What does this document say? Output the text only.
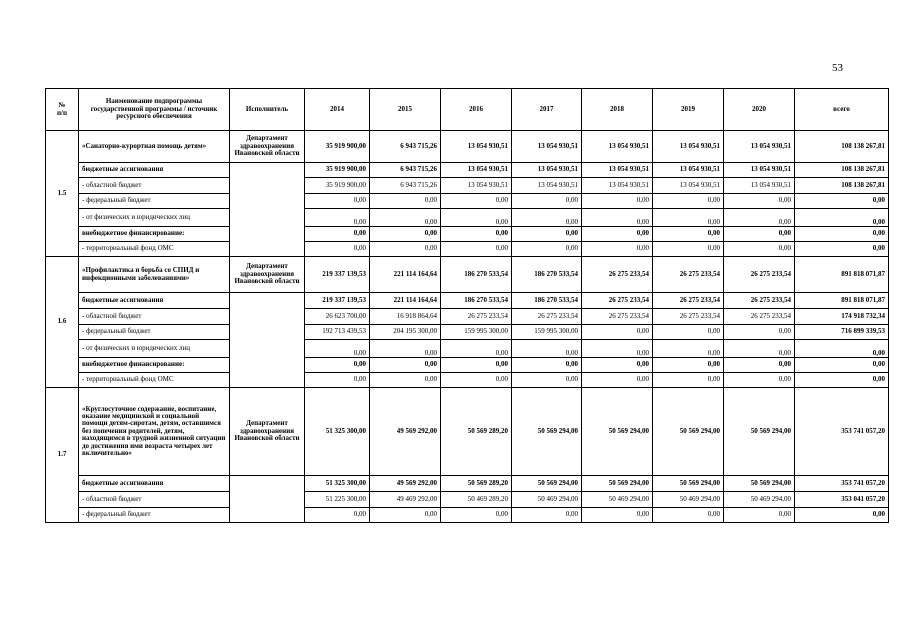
53
№
п/п	Наименование подпрограммы государственной программы / источник ресурсного обеспечения	Исполнитель	2014	2015	2016	2017	2018	2019	2020	всего
1.5	«Санаторно-курортная помощь детям»	Департамент здравоохранения Ивановской области	35 919 900,00	6 943 715,26	13 054 930,51	13 054 930,51	13 054 930,51	13 054 930,51	13 054 930,51	108 138 267,81
	бюджетные ассигнования		35 919 900,00	6 943 715,26	13 054 930,51	13 054 930,51	13 054 930,51	13 054 930,51	13 054 930,51	108 138 267,81
	- областной бюджет		35 919 900,00	6 943 715,26	13 054 930,51	13 054 930,51	13 054 930,51	13 054 930,51	13 054 930,51	108 138 267,81
	- федеральный бюджет		0,00	0,00	0,00	0,00	0,00	0,00	0,00	0,00
	- от физических и юридических лиц		0,00	0,00	0,00	0,00	0,00	0,00	0,00	0,00
	внебюджетное финансирование:		0,00	0,00	0,00	0,00	0,00	0,00	0,00	0,00
	- территориальный фонд ОМС		0,00	0,00	0,00	0,00	0,00	0,00	0,00	0,00
1.6	«Профилактика и борьба со СПИД и инфекционными заболеваниями»	Департамент здравоохранения Ивановской области	219 337 139,53	221 114 164,64	186 270 533,54	186 270 533,54	26 275 233,54	26 275 233,54	26 275 233,54	891 818 071,87
	бюджетные ассигнования		219 337 139,53	221 114 164,64	186 270 533,54	186 270 533,54	26 275 233,54	26 275 233,54	26 275 233,54	891 818 071,87
	- областной бюджет		26 623 700,00	16 918 864,64	26 275 233,54	26 275 233,54	26 275 233,54	26 275 233,54	26 275 233,54	174 918 732,34
	- федеральный бюджет		192 713 439,53	204 195 300,00	159 995 300,00	159 995 300,00	0,00	0,00	0,00	716 899 339,53
	- от физических и юридических лиц		0,00	0,00	0,00	0,00	0,00	0,00	0,00	0,00
	внебюджетное финансирование:		0,00	0,00	0,00	0,00	0,00	0,00	0,00	0,00
	- территориальный фонд ОМС		0,00	0,00	0,00	0,00	0,00	0,00	0,00	0,00
1.7	«Круглосуточное содержание, воспитание, оказание медицинской и социальной помощи детям-сиротам, детям, оставшимся без попечения родителей, детям, находящимся в трудной жизненной ситуации до достижения ими возраста четырех лет включительно»	Департамент здравоохранения Ивановской области	51 325 300,00	49 569 292,00	50 569 289,20	50 569 294,00	50 569 294,00	50 569 294,00	50 569 294,00	353 741 057,20
	бюджетные ассигнования		51 325 300,00	49 569 292,00	50 569 289,20	50 569 294,00	50 569 294,00	50 569 294,00	50 569 294,00	353 741 057,20
	- областной бюджет		51 225 300,00	49 469 292,00	50 469 289,20	50 469 294,00	50 469 294,00	50 469 294,00	50 469 294,00	353 041 057,20
	- федеральный бюджет		0,00	0,00	0,00	0,00	0,00	0,00	0,00	0,00
